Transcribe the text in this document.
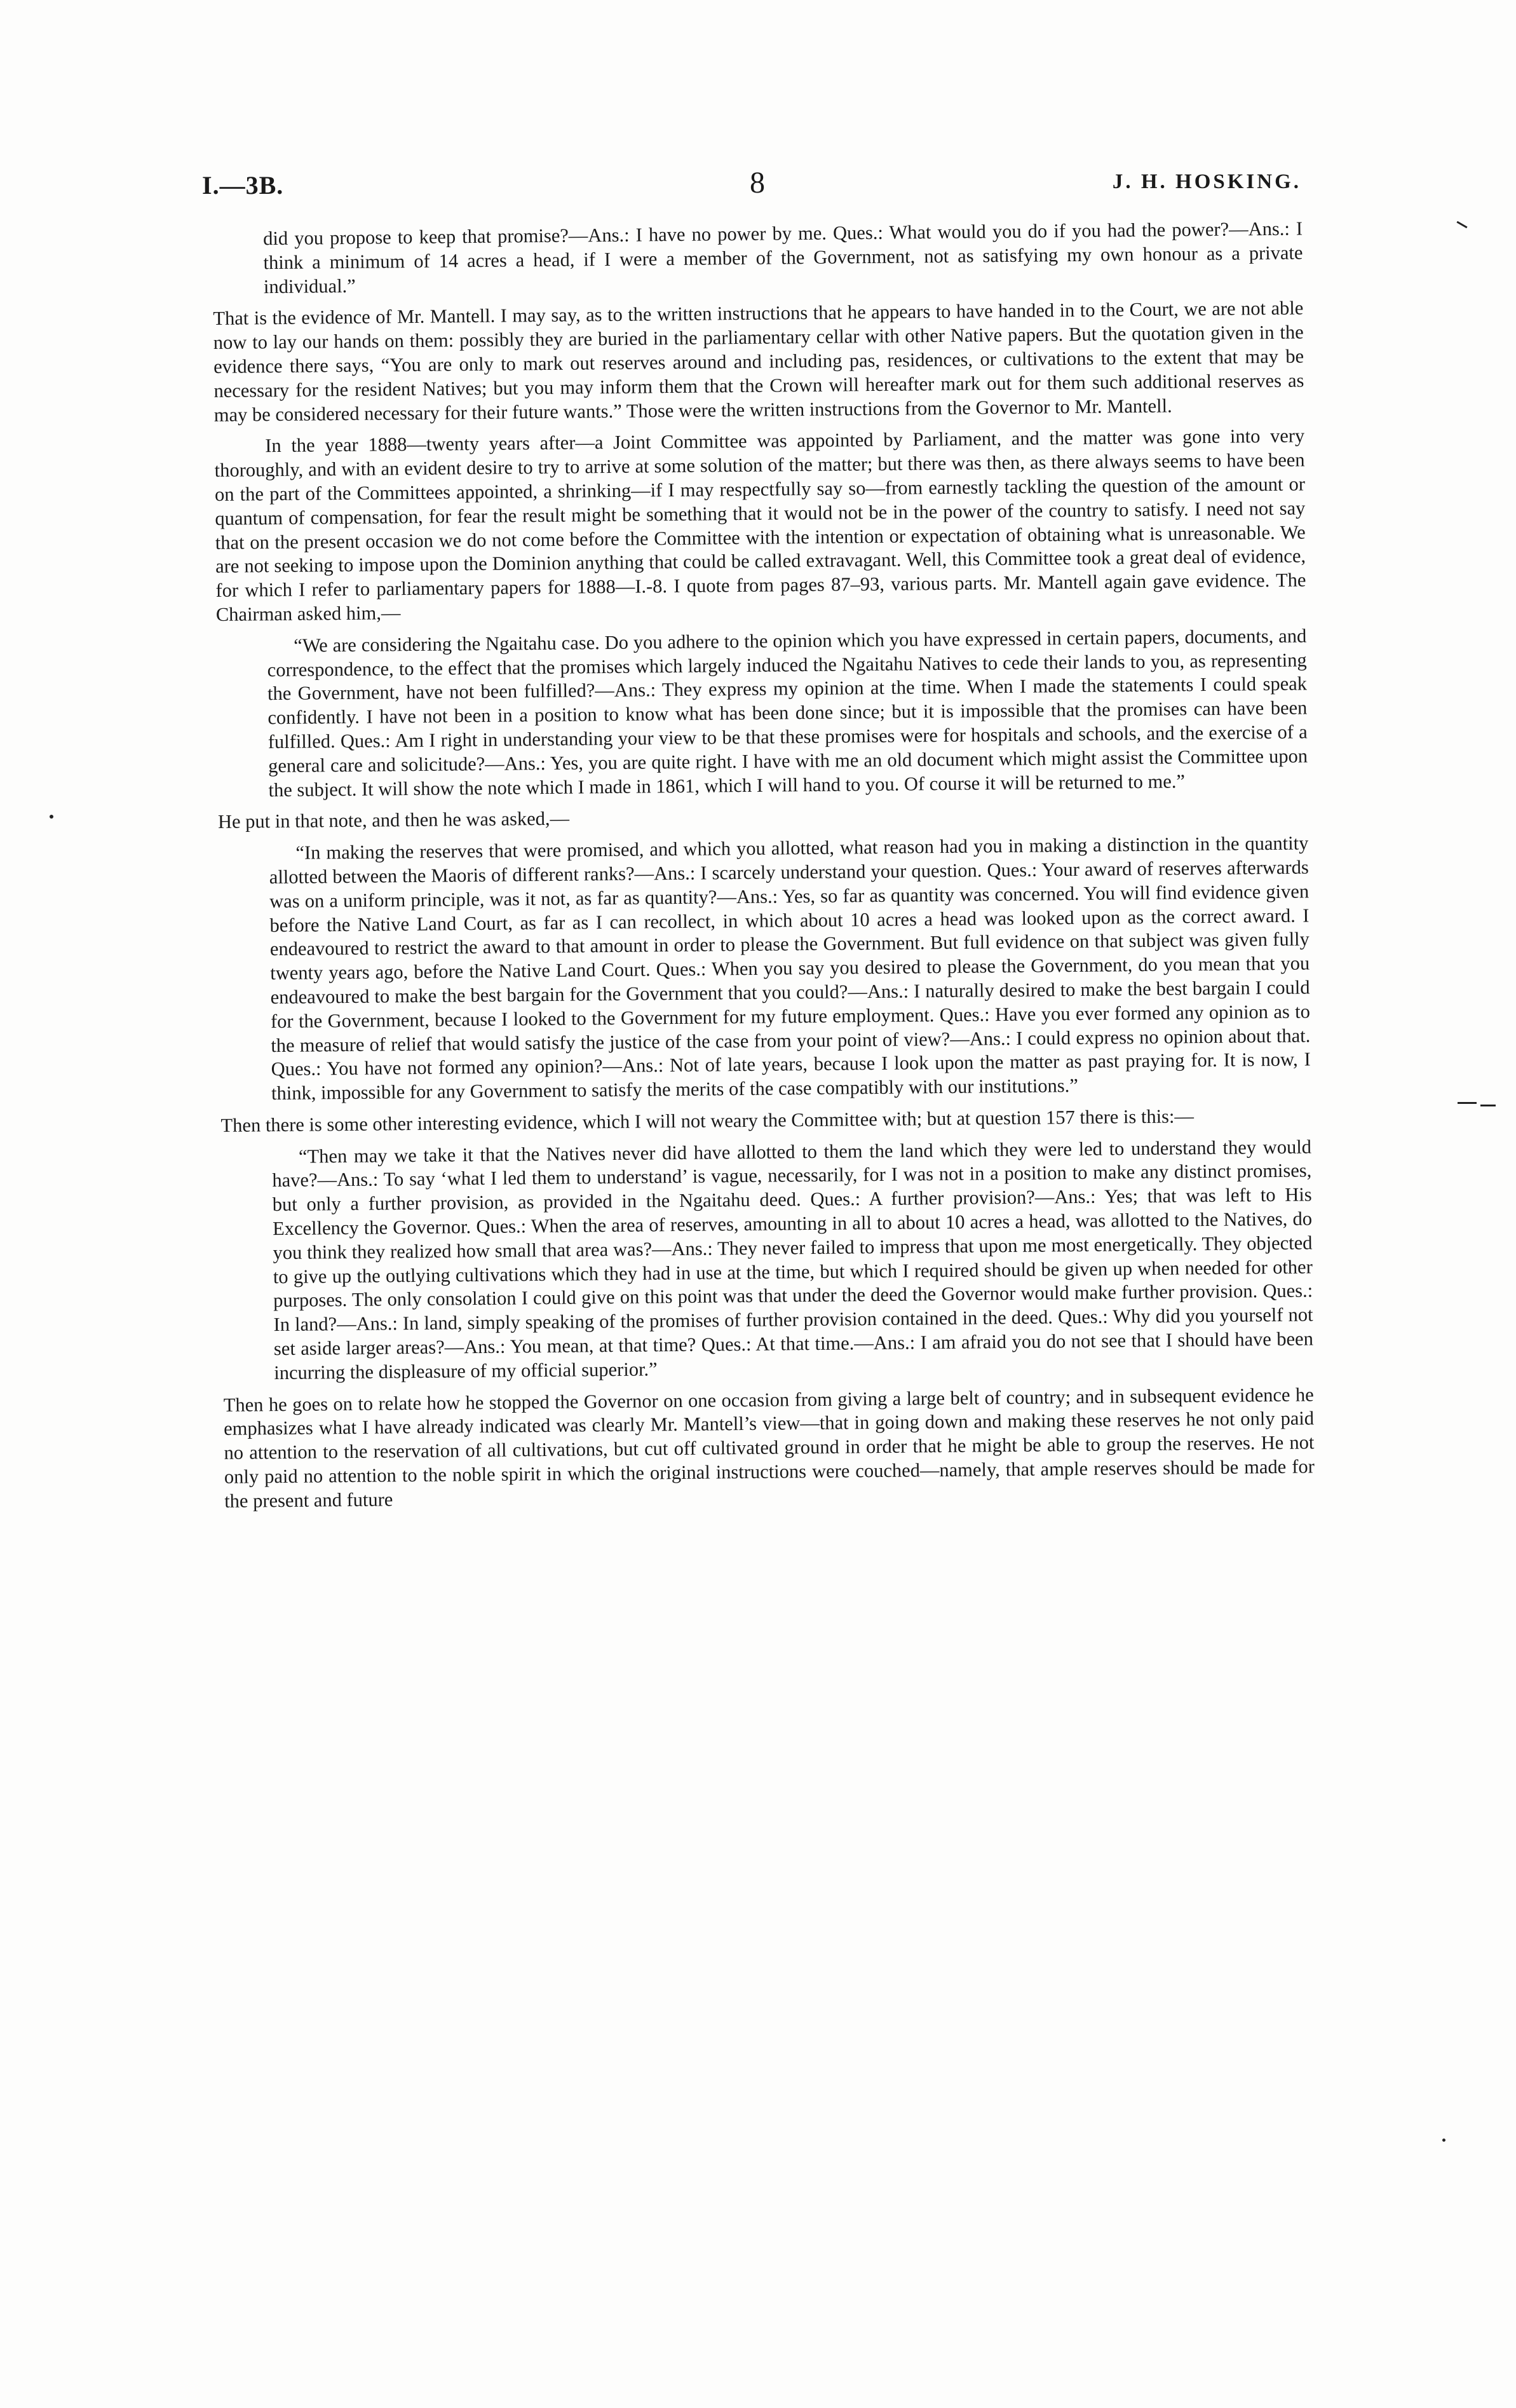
I.—3B.	8	J. H. HOSKING.

did you propose to keep that promise?—Ans.: I have no power by me. Ques.: What would you do if you had the power?—Ans.: I think a minimum of 14 acres a head, if I were a member of the Government, not as satisfying my own honour as a private individual.”

That is the evidence of Mr. Mantell. I may say, as to the written instructions that he appears to have handed in to the Court, we are not able now to lay our hands on them: possibly they are buried in the parliamentary cellar with other Native papers. But the quotation given in the evidence there says, “You are only to mark out reserves around and including pas, residences, or cultivations to the extent that may be necessary for the resident Natives; but you may inform them that the Crown will hereafter mark out for them such additional reserves as may be considered necessary for their future wants.” Those were the written instructions from the Governor to Mr. Mantell.

In the year 1888—twenty years after—a Joint Committee was appointed by Parliament, and the matter was gone into very thoroughly, and with an evident desire to try to arrive at some solution of the matter; but there was then, as there always seems to have been on the part of the Committees appointed, a shrinking—if I may respectfully say so—from earnestly tackling the question of the amount or quantum of compensation, for fear the result might be something that it would not be in the power of the country to satisfy. I need not say that on the present occasion we do not come before the Committee with the intention or expectation of obtaining what is unreasonable. We are not seeking to impose upon the Dominion anything that could be called extravagant. Well, this Committee took a great deal of evidence, for which I refer to parliamentary papers for 1888—I.-8. I quote from pages 87–93, various parts. Mr. Mantell again gave evidence. The Chairman asked him,—

“We are considering the Ngaitahu case. Do you adhere to the opinion which you have expressed in certain papers, documents, and correspondence, to the effect that the promises which largely induced the Ngaitahu Natives to cede their lands to you, as representing the Government, have not been fulfilled?—Ans.: They express my opinion at the time. When I made the statements I could speak confidently. I have not been in a position to know what has been done since; but it is impossible that the promises can have been fulfilled. Ques.: Am I right in understanding your view to be that these promises were for hospitals and schools, and the exercise of a general care and solicitude?—Ans.: Yes, you are quite right. I have with me an old document which might assist the Committee upon the subject. It will show the note which I made in 1861, which I will hand to you. Of course it will be returned to me.”

He put in that note, and then he was asked,—

“In making the reserves that were promised, and which you allotted, what reason had you in making a distinction in the quantity allotted between the Maoris of different ranks?—Ans.: I scarcely understand your question. Ques.: Your award of reserves afterwards was on a uniform principle, was it not, as far as quantity?—Ans.: Yes, so far as quantity was concerned. You will find evidence given before the Native Land Court, as far as I can recollect, in which about 10 acres a head was looked upon as the correct award. I endeavoured to restrict the award to that amount in order to please the Government. But full evidence on that subject was given fully twenty years ago, before the Native Land Court. Ques.: When you say you desired to please the Government, do you mean that you endeavoured to make the best bargain for the Government that you could?—Ans.: I naturally desired to make the best bargain I could for the Government, because I looked to the Government for my future employment. Ques.: Have you ever formed any opinion as to the measure of relief that would satisfy the justice of the case from your point of view?—Ans.: I could express no opinion about that. Ques.: You have not formed any opinion?—Ans.: Not of late years, because I look upon the matter as past praying for. It is now, I think, impossible for any Government to satisfy the merits of the case compatibly with our institutions.”

Then there is some other interesting evidence, which I will not weary the Committee with; but at question 157 there is this:—

“Then may we take it that the Natives never did have allotted to them the land which they were led to understand they would have?—Ans.: To say ‘what I led them to understand’ is vague, necessarily, for I was not in a position to make any distinct promises, but only a further provision, as provided in the Ngaitahu deed. Ques.: A further provision?—Ans.: Yes; that was left to His Excellency the Governor. Ques.: When the area of reserves, amounting in all to about 10 acres a head, was allotted to the Natives, do you think they realized how small that area was?—Ans.: They never failed to impress that upon me most energetically. They objected to give up the outlying cultivations which they had in use at the time, but which I required should be given up when needed for other purposes. The only consolation I could give on this point was that under the deed the Governor would make further provision. Ques.: In land?—Ans.: In land, simply speaking of the promises of further provision contained in the deed. Ques.: Why did you yourself not set aside larger areas?—Ans.: You mean, at that time? Ques.: At that time.—Ans.: I am afraid you do not see that I should have been incurring the displeasure of my official superior.”

Then he goes on to relate how he stopped the Governor on one occasion from giving a large belt of country; and in subsequent evidence he emphasizes what I have already indicated was clearly Mr. Mantell’s view—that in going down and making these reserves he not only paid no attention to the reservation of all cultivations, but cut off cultivated ground in order that he might be able to group the reserves. He not only paid no attention to the noble spirit in which the original instructions were couched—namely, that ample reserves should be made for the present and future
